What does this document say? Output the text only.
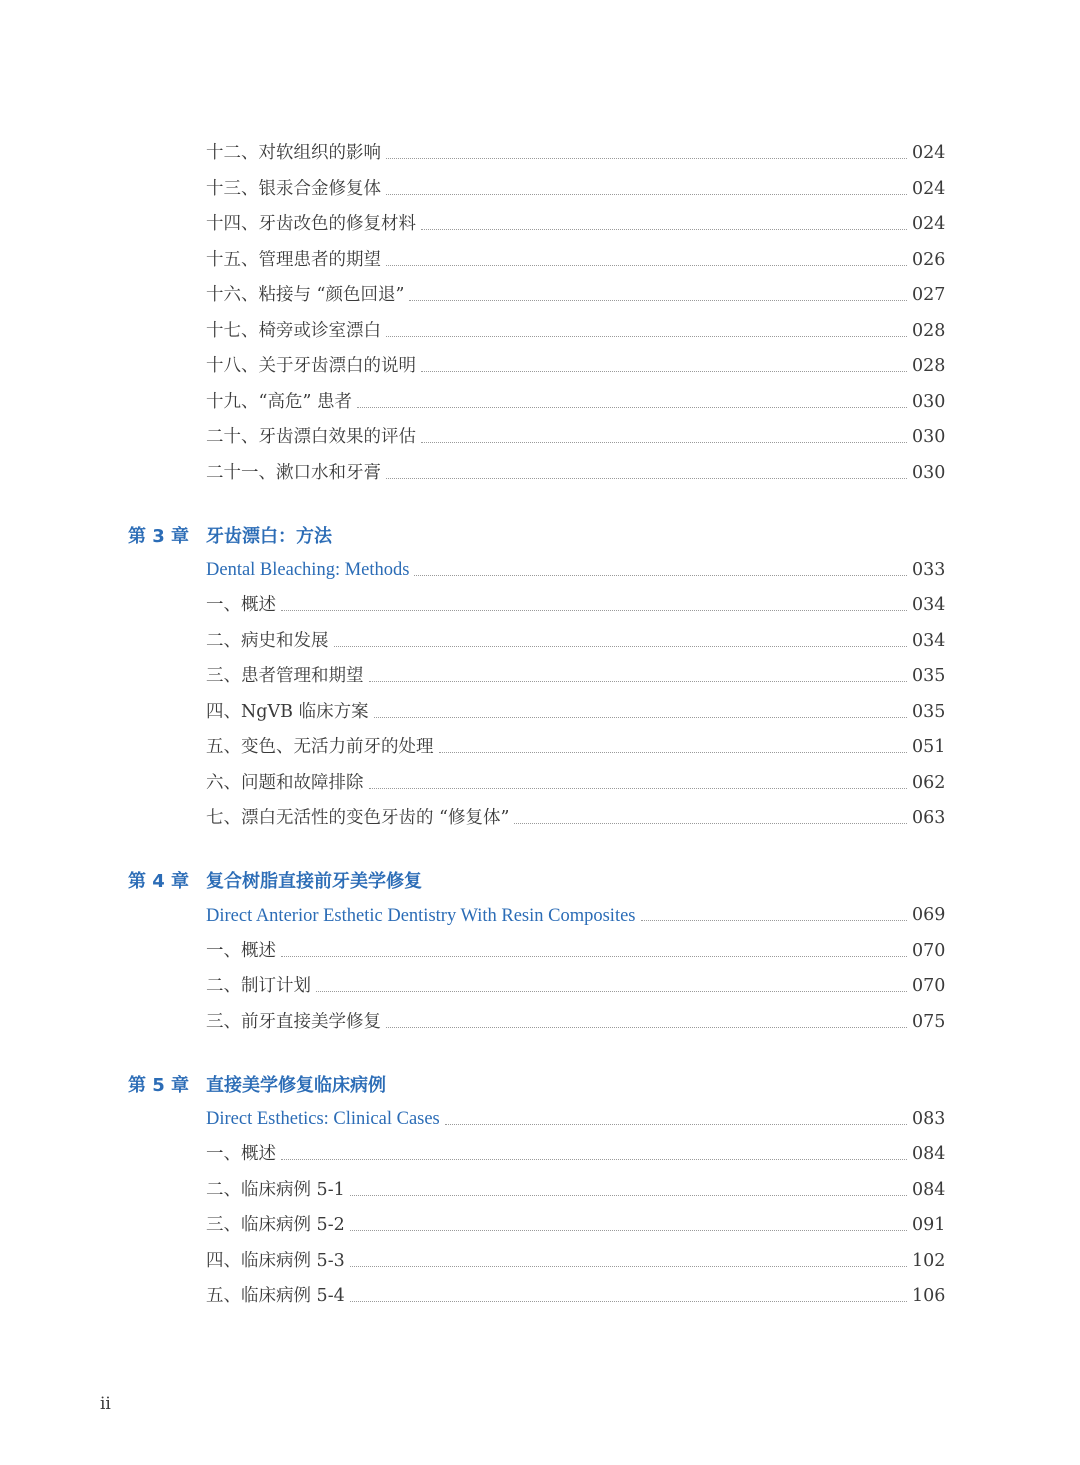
十二、对软组织的影响	024
十三、银汞合金修复体	024
十四、牙齿改色的修复材料	024
十五、管理患者的期望	026
十六、粘接与 “颜色回退”	027
十七、椅旁或诊室漂白	028
十八、关于牙齿漂白的说明	028
十九、“高危” 患者	030
二十、牙齿漂白效果的评估	030
二十一、漱口水和牙膏	030
第 3 章 牙齿漂白：方法
Dental Bleaching: Methods	033
一、概述	034
二、病史和发展	034
三、患者管理和期望	035
四、NgVB 临床方案	035
五、变色、无活力前牙的处理	051
六、问题和故障排除	062
七、漂白无活性的变色牙齿的 “修复体”	063
第 4 章 复合树脂直接前牙美学修复
Direct Anterior Esthetic Dentistry With Resin Composites	069
一、概述	070
二、制订计划	070
三、前牙直接美学修复	075
第 5 章 直接美学修复临床病例
Direct Esthetics: Clinical Cases	083
一、概述	084
二、临床病例 5-1	084
三、临床病例 5-2	091
四、临床病例 5-3	102
五、临床病例 5-4	106
ii
